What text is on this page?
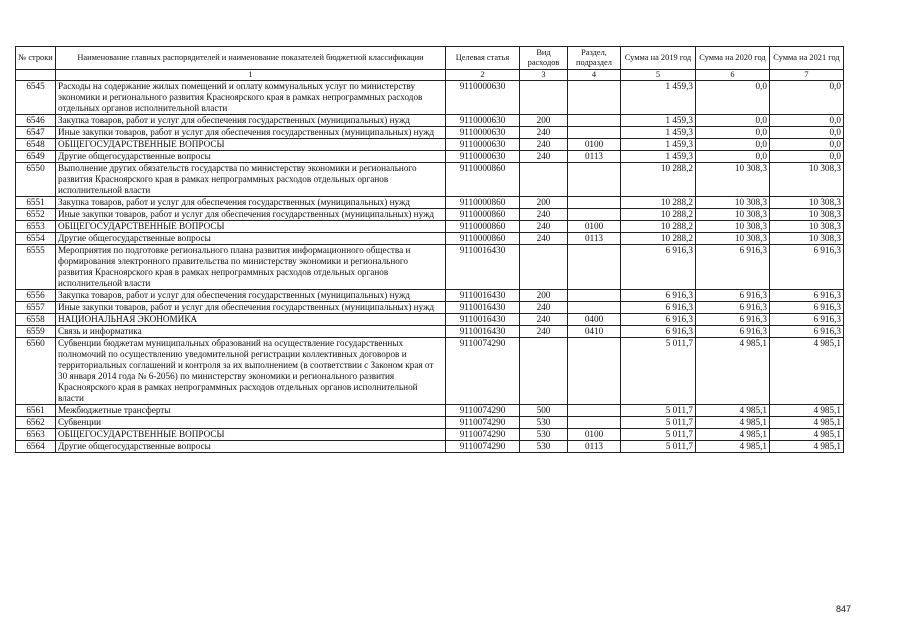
№ строки	Наименование главных распорядителей и наименование показателей бюджетной классификации	Целевая статья	Вид расходов	Раздел, подраздел	Сумма на 2019 год	Сумма на 2020 год	Сумма на 2021 год
	1	2	3	4	5	6	7
6545	Расходы на содержание жилых помещений и оплату коммунальных услуг по министерству экономики и регионального развития Красноярского края в рамках непрограммных расходов отдельных органов исполнительной власти	9110000630			1 459,3	0,0	0,0
6546	Закупка товаров, работ и услуг для обеспечения государственных (муниципальных) нужд	9110000630	200		1 459,3	0,0	0,0
6547	Иные закупки товаров, работ и услуг для обеспечения государственных (муниципальных) нужд	9110000630	240		1 459,3	0,0	0,0
6548	ОБЩЕГОСУДАРСТВЕННЫЕ ВОПРОСЫ	9110000630	240	0100	1 459,3	0,0	0,0
6549	Другие общегосударственные вопросы	9110000630	240	0113	1 459,3	0,0	0,0
6550	Выполнение других обязательств государства по министерству экономики и регионального развития Красноярского края в рамках непрограммных расходов отдельных органов исполнительной власти	9110000860			10 288,2	10 308,3	10 308,3
6551	Закупка товаров, работ и услуг для обеспечения государственных (муниципальных) нужд	9110000860	200		10 288,2	10 308,3	10 308,3
6552	Иные закупки товаров, работ и услуг для обеспечения государственных (муниципальных) нужд	9110000860	240		10 288,2	10 308,3	10 308,3
6553	ОБЩЕГОСУДАРСТВЕННЫЕ ВОПРОСЫ	9110000860	240	0100	10 288,2	10 308,3	10 308,3
6554	Другие общегосударственные вопросы	9110000860	240	0113	10 288,2	10 308,3	10 308,3
6555	Мероприятия по подготовке регионального плана развития информационного общества и формирования электронного правительства по министерству экономики и регионального развития Красноярского края в рамках непрограммных расходов отдельных органов исполнительной власти	9110016430			6 916,3	6 916,3	6 916,3
6556	Закупка товаров, работ и услуг для обеспечения государственных (муниципальных) нужд	9110016430	200		6 916,3	6 916,3	6 916,3
6557	Иные закупки товаров, работ и услуг для обеспечения государственных (муниципальных) нужд	9110016430	240		6 916,3	6 916,3	6 916,3
6558	НАЦИОНАЛЬНАЯ ЭКОНОМИКА	9110016430	240	0400	6 916,3	6 916,3	6 916,3
6559	Связь и информатика	9110016430	240	0410	6 916,3	6 916,3	6 916,3
6560	Субвенции бюджетам муниципальных образований на осуществление государственных полномочий по осуществлению уведомительной регистрации коллективных договоров и территориальных соглашений и контроля за их выполнением (в соответствии с Законом края от 30 января 2014 года № 6-2056) по министерству экономики и регионального развития Красноярского края в рамках непрограммных расходов отдельных органов исполнительной власти	9110074290			5 011,7	4 985,1	4 985,1
6561	Межбюджетные трансферты	9110074290	500		5 011,7	4 985,1	4 985,1
6562	Субвенции	9110074290	530		5 011,7	4 985,1	4 985,1
6563	ОБЩЕГОСУДАРСТВЕННЫЕ ВОПРОСЫ	9110074290	530	0100	5 011,7	4 985,1	4 985,1
6564	Другие общегосударственные вопросы	9110074290	530	0113	5 011,7	4 985,1	4 985,1
847
